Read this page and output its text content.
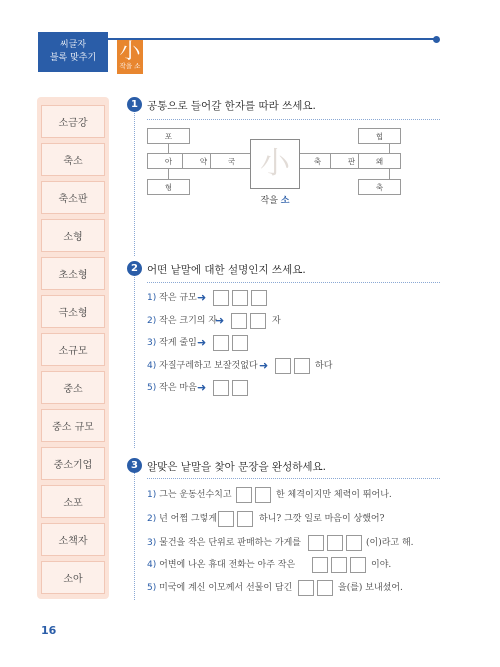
씨글자
블록 맞추기	小
작을 소
소금강
축소
축소판
소형
초소형
극소형
소규모
중소
중소 규모
중소기업
소포
소책자
소아
1 공통으로 들어갈 한자를 따라 쓰세요.
포
아	약	국
형
축	판
협
왜
축
小
작을 소
2 어떤 낱말에 대한 설명인지 쓰세요.
1) 작은 규모 ➜
2) 작은 크기의 자
➜	자
3) 작게 줄임 ➜
4) 자질구레하고 보잘것없다 ➜	하다
5) 작은 마음 ➜
3 알맞은 낱말을 찾아 문장을 완성하세요.
1) 그는 운동선수치고	한 체격이지만 체력이 뛰어나.
2) 넌 어쩜 그렇게	하니? 그깟 일로 마음이 상했어?
3) 물건을 작은 단위로 판매하는 가게를	(이)라고 해.
4) 어변에 나온 휴대 전화는 아주 작은	이야.
5) 미국에 계신 이모께서 선물이 담긴	을(를) 보내셨어.
16
